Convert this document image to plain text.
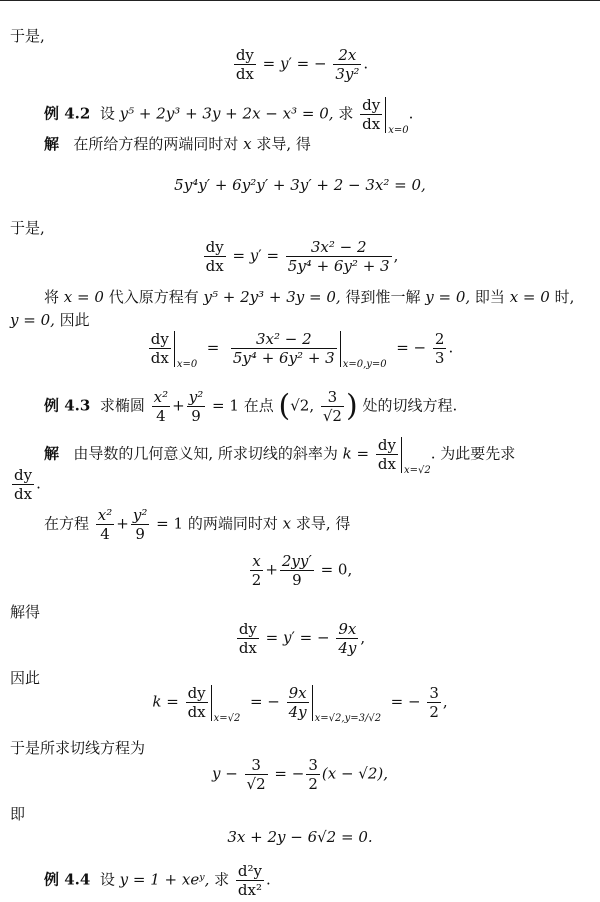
于是,
$\frac{dy}{dx} = y'$ = − $\frac{2x}{\text{3y²}}$ .
例 4.2 设 y⁵ + 2y³ + 3y + 2x − x³ = 0, 求 $\frac{dy}{dx} _{x=0}$.
解 在所给方程的两端同时对 x 求导, 得
5y⁴y′ + 6y²y′ + 3y′ + 2 − 3x² = 0,
于是,
$\frac{dy}{dx} = y' = \frac{\text{3x² − 2}}{\text{5y⁴ + 6y² + 3}}$ ,
将 x = 0 代入原方程有 y⁵ + 2y³ + 3y = 0, 得到惟一解 y = 0, 即当 x = 0 时,
y = 0, 因此
$\frac{dy}{dx} _{x=0} = \frac{\text{3x² − 2}}{\text{5y⁴ + 6y² + 3}} _{x=0,y=0}$  = − $\frac{2}{3}$ .
例 4.3 求椭圆 $\frac{\text{x²}}{4} + \frac{\text{y²}}{9} = 1$ 在点 (√2, $\frac{3}{√2}$ ) 处的切线方程.
解 由导数的几何意义知, 所求切线的斜率为 $k = \frac{dy}{dx} _{x=√2}$. 为此要先求
$\frac{dy}{dx}$ .
在方程 $\frac{\text{x²}}{4} + \frac{\text{y²}}{9} = 1$ 的两端同时对 x 求导, 得
$\frac{x}{2} + \frac{2yy'}{9} = 0$,
解得
$\frac{dy}{dx} = y'$ = − $\frac{9x}{4y}$ ,
因此
$k = \frac{dy}{dx} _{x=√2}$  = − $\frac{9x}{4y} _{x=√2,y=3/√2}$  = − $\frac{3}{2}$ ,
于是所求切线方程为
$y - \frac{3}{√2}$ = − $\frac{3}{2} (x - √2)$,
即
3x + 2y − 6√2 = 0.
例 4.4 设 y = 1 + xeʸ, 求 $\frac{\text{d²y}}{\text{dx²}}$ .
